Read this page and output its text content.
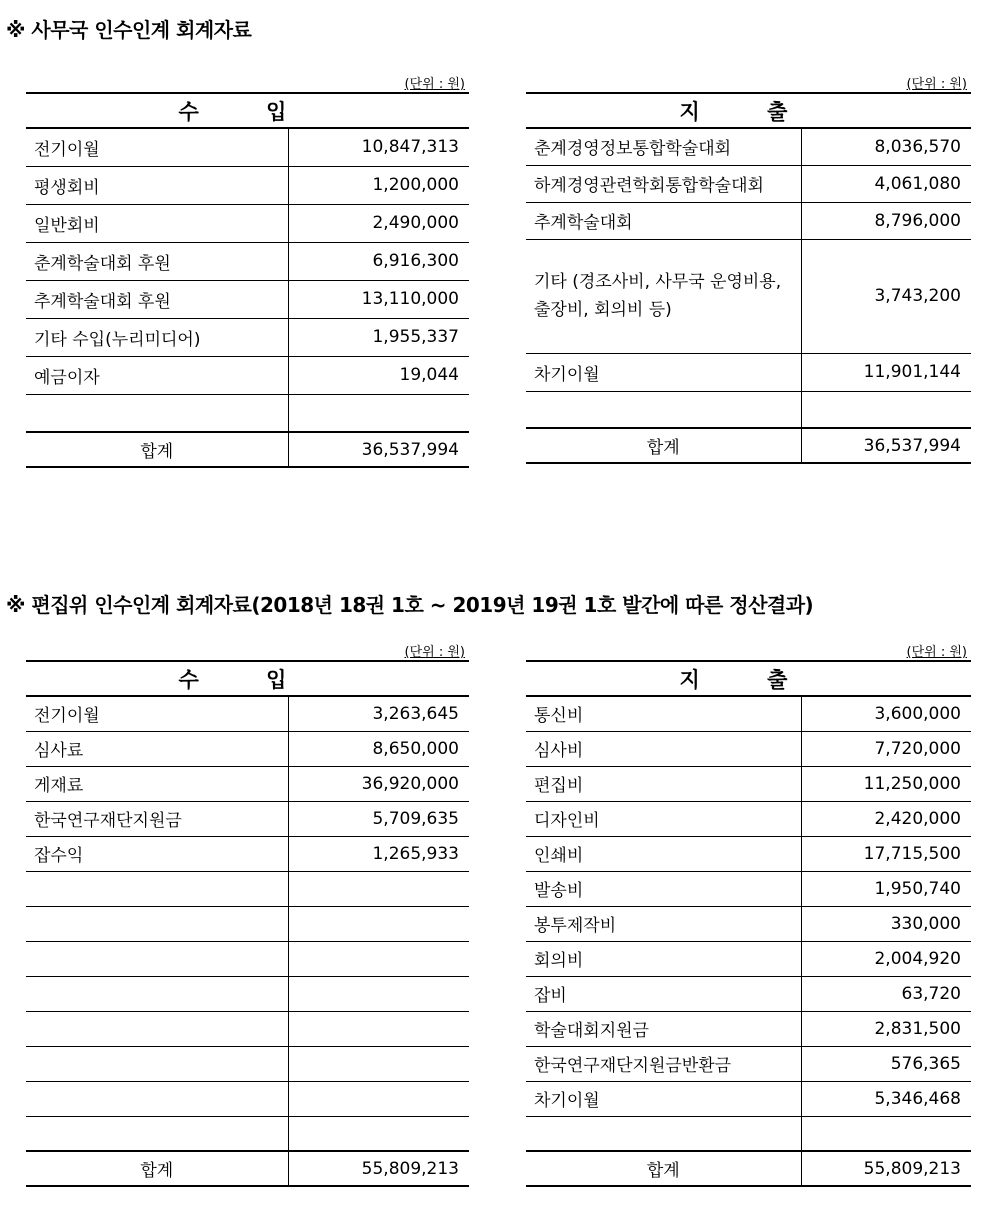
※ 사무국 인수인계 회계자료
(단위 : 원)	
수 입	
전기이월	10,847,313
평생회비	1,200,000
일반회비	2,490,000
춘계학술대회 후원	6,916,300
추계학술대회 후원	13,110,000
기타 수입(누리미디어)	1,955,337
예금이자	19,044

합계	36,537,994
(단위 : 원)	
지 출	
춘계경영정보통합학술대회	8,036,570
하계경영관련학회통합학술대회	4,061,080
추계학술대회	8,796,000
기타 (경조사비, 사무국 운영비용, 출장비, 회의비 등)	3,743,200
차기이월	11,901,144

합계	36,537,994
※ 편집위 인수인계 회계자료(2018년 18권 1호 ~ 2019년 19권 1호 발간에 따른 정산결과)
(단위 : 원)	
수 입	
전기이월	3,263,645
심사료	8,650,000
게재료	36,920,000
한국연구재단지원금	5,709,635
잡수익	1,265,933

합계	55,809,213
(단위 : 원)	
지 출	
통신비	3,600,000
심사비	7,720,000
편집비	11,250,000
디자인비	2,420,000
인쇄비	17,715,500
발송비	1,950,740
봉투제작비	330,000
회의비	2,004,920
잡비	63,720
학술대회지원금	2,831,500
한국연구재단지원금반환금	576,365
차기이월	5,346,468

합계	55,809,213
